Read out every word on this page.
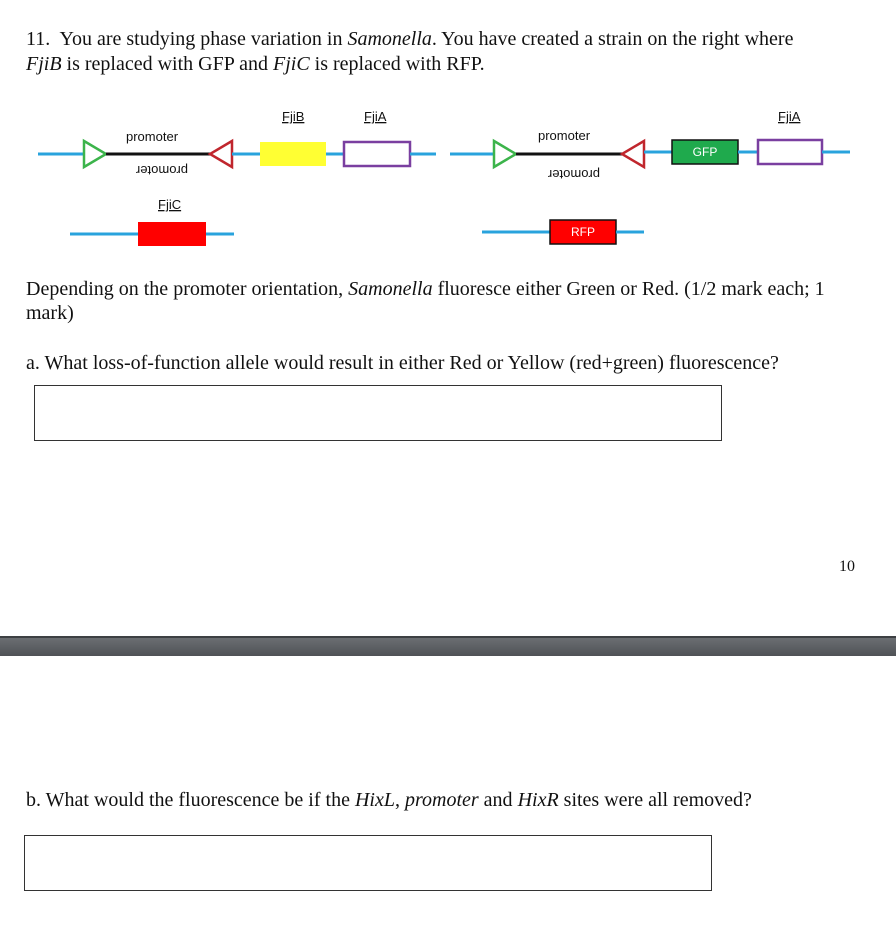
11. You are studying phase variation in Samonella. You have created a strain on the right where
FjiB is replaced with GFP and FjiC is replaced with RFP.
promoter
promoter
FjiB	FjiA
FjiC
GFP
promoter
promoter
FjiA
RFP
Depending on the promoter orientation, Samonella fluoresce either Green or Red. (1/2 mark each; 1 mark)
a. What loss-of-function allele would result in either Red or Yellow (red+green) fluorescence?
10
b. What would the fluorescence be if the HixL, promoter and HixR sites were all removed?
